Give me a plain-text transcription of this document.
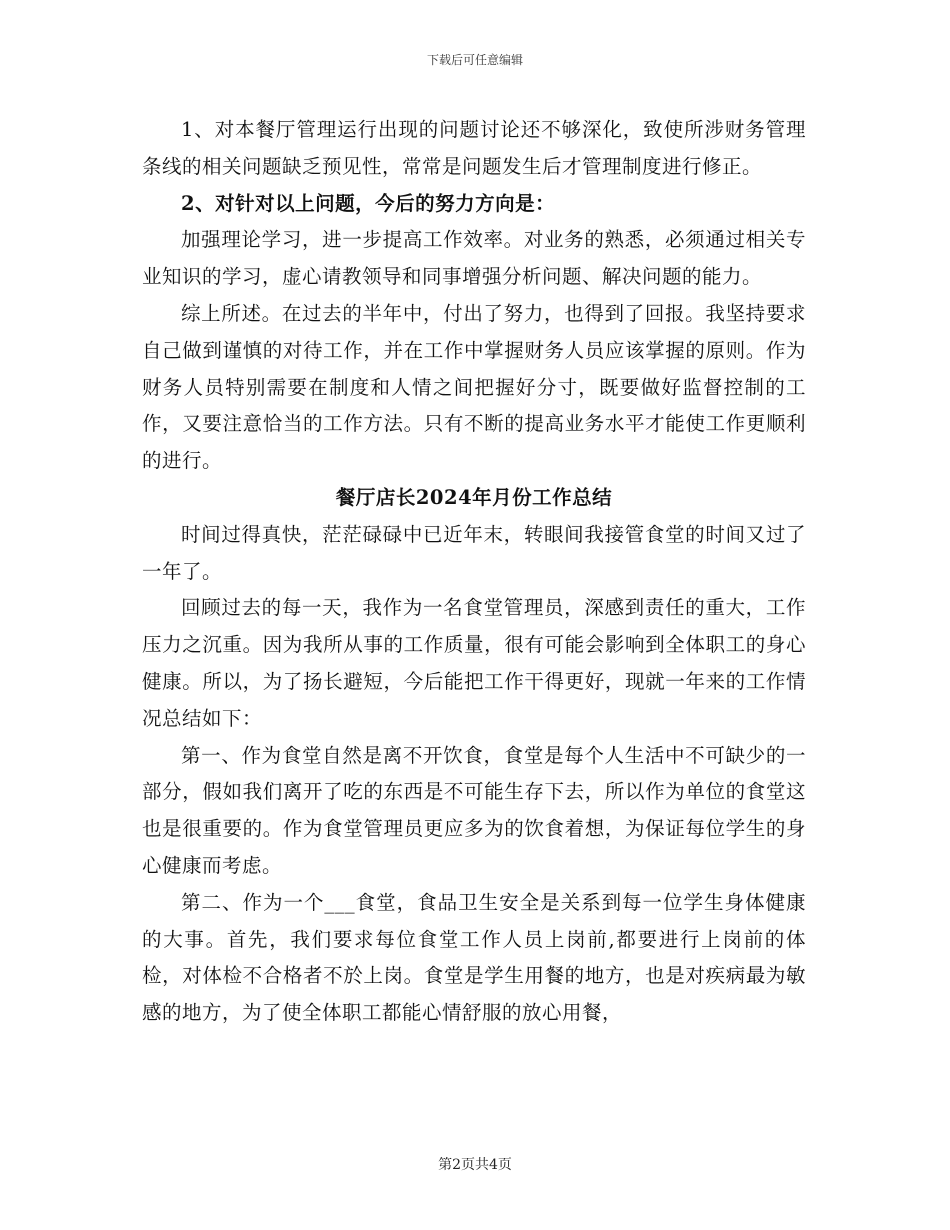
下载后可任意编辑

1、对本餐厅管理运行出现的问题讨论还不够深化，致使所涉财务管理条线的相关问题缺乏预见性，常常是问题发生后才管理制度进行修正。

2、对针对以上问题，今后的努力方向是：

加强理论学习，进一步提高工作效率。对业务的熟悉，必须通过相关专业知识的学习，虚心请教领导和同事增强分析问题、解决问题的能力。

综上所述。在过去的半年中，付出了努力，也得到了回报。我坚持要求自己做到谨慎的对待工作，并在工作中掌握财务人员应该掌握的原则。作为财务人员特别需要在制度和人情之间把握好分寸，既要做好监督控制的工作，又要注意恰当的工作方法。只有不断的提高业务水平才能使工作更顺利的进行。

餐厅店长2024年月份工作总结

时间过得真快，茫茫碌碌中已近年末，转眼间我接管食堂的时间又过了一年了。

回顾过去的每一天，我作为一名食堂管理员，深感到责任的重大，工作压力之沉重。因为我所从事的工作质量，很有可能会影响到全体职工的身心健康。所以，为了扬长避短，今后能把工作干得更好，现就一年来的工作情况总结如下：

第一、作为食堂自然是离不开饮食，食堂是每个人生活中不可缺少的一部分，假如我们离开了吃的东西是不可能生存下去，所以作为单位的食堂这也是很重要的。作为食堂管理员更应多为的饮食着想，为保证每位学生的身心健康而考虑。

第二、作为一个___食堂，食品卫生安全是关系到每一位学生身体健康的大事。首先，我们要求每位食堂工作人员上岗前,都要进行上岗前的体检，对体检不合格者不於上岗。食堂是学生用餐的地方，也是对疾病最为敏感的地方，为了使全体职工都能心情舒服的放心用餐，

第2页共4页
